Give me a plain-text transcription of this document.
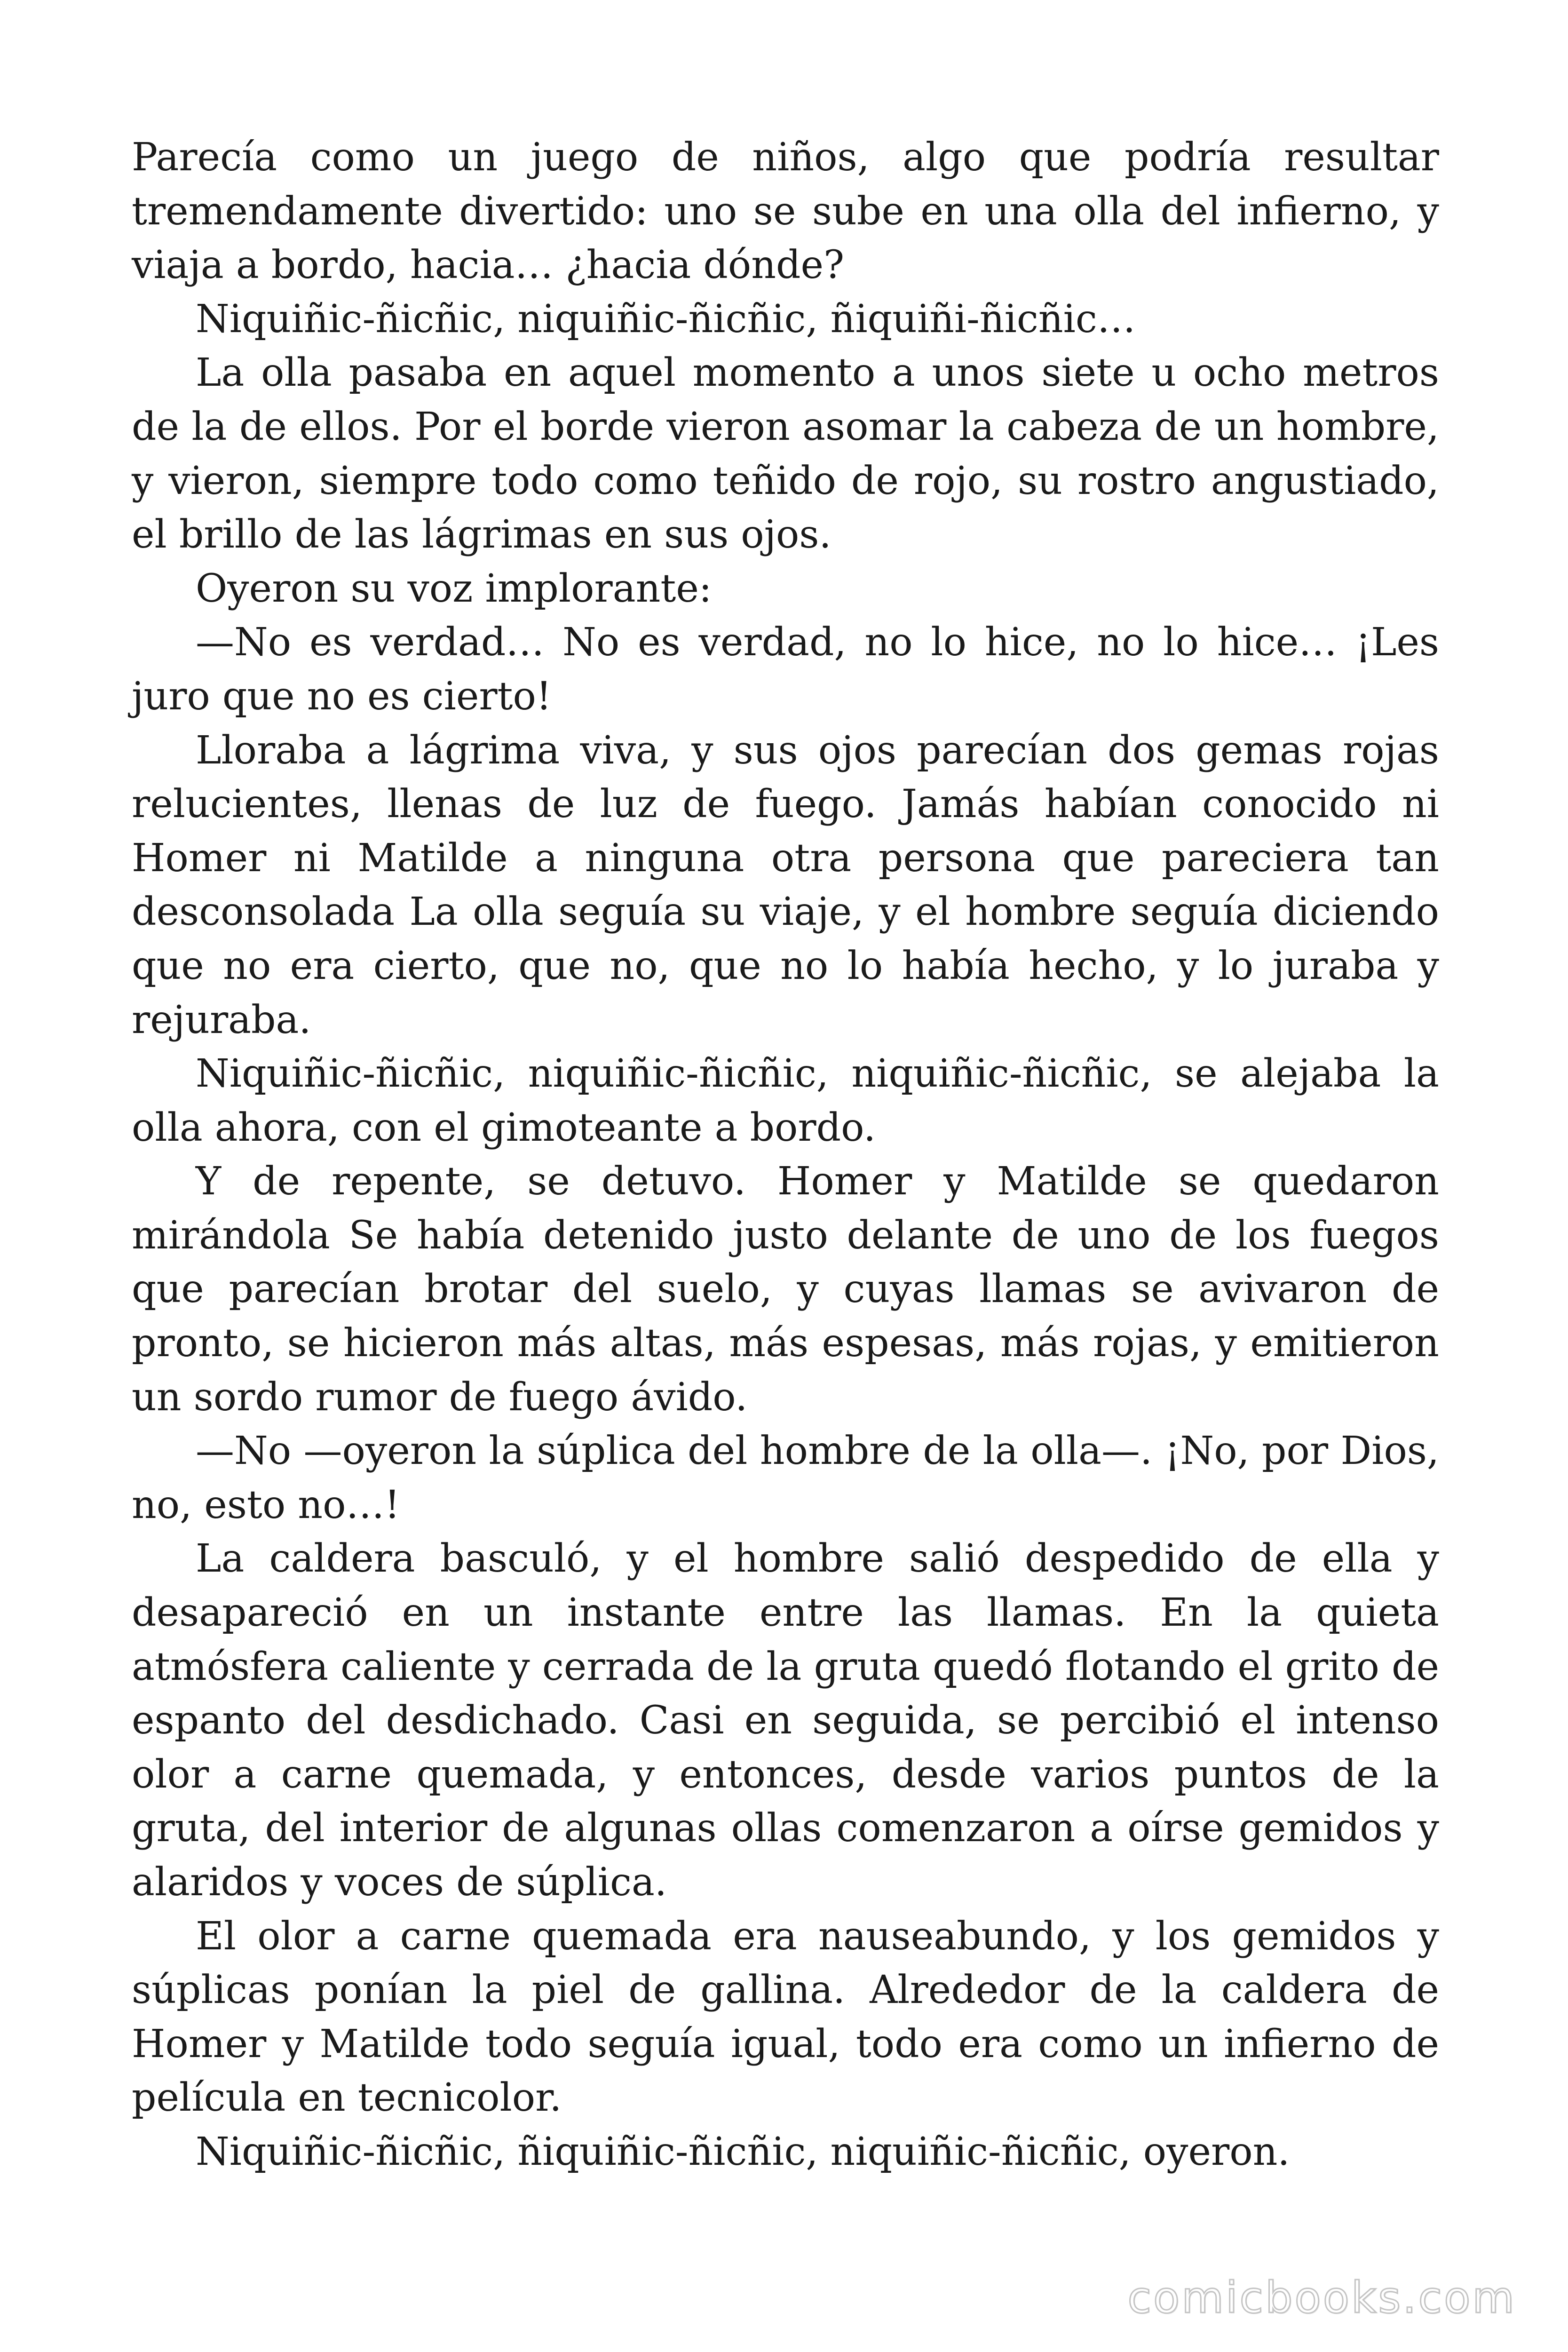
Parecía como un juego de niños, algo que podría resultar tremendamente divertido: uno se sube en una olla del infierno, y viaja a bordo, hacia… ¿hacia dónde?

Niquiñic-ñicñic, niquiñic-ñicñic, ñiquiñi-ñicñic…

La olla pasaba en aquel momento a unos siete u ocho metros de la de ellos. Por el borde vieron asomar la cabeza de un hombre, y vieron, siempre todo como teñido de rojo, su rostro angustiado, el brillo de las lágrimas en sus ojos.

Oyeron su voz implorante:

—No es verdad… No es verdad, no lo hice, no lo hice… ¡Les juro que no es cierto!

Lloraba a lágrima viva, y sus ojos parecían dos gemas rojas relucientes, llenas de luz de fuego. Jamás habían conocido ni Homer ni Matilde a ninguna otra persona que pareciera tan desconsolada La olla seguía su viaje, y el hombre seguía diciendo que no era cierto, que no, que no lo había hecho, y lo juraba y rejuraba.

Niquiñic-ñicñic, niquiñic-ñicñic, niquiñic-ñicñic, se alejaba la olla ahora, con el gimoteante a bordo.

Y de repente, se detuvo. Homer y Matilde se quedaron mirándola Se había detenido justo delante de uno de los fuegos que parecían brotar del suelo, y cuyas llamas se avivaron de pronto, se hicieron más altas, más espesas, más rojas, y emitieron un sordo rumor de fuego ávido.

—No —oyeron la súplica del hombre de la olla—. ¡No, por Dios, no, esto no…!

La caldera basculó, y el hombre salió despedido de ella y desapareció en un instante entre las llamas. En la quieta atmósfera caliente y cerrada de la gruta quedó flotando el grito de espanto del desdichado. Casi en seguida, se percibió el intenso olor a carne quemada, y entonces, desde varios puntos de la gruta, del interior de algunas ollas comenzaron a oírse gemidos y alaridos y voces de súplica.

El olor a carne quemada era nauseabundo, y los gemidos y súplicas ponían la piel de gallina. Alrededor de la caldera de Homer y Matilde todo seguía igual, todo era como un infierno de película en tecnicolor.

Niquiñic-ñicñic, ñiquiñic-ñicñic, niquiñic-ñicñic, oyeron.

comicbooks.com
